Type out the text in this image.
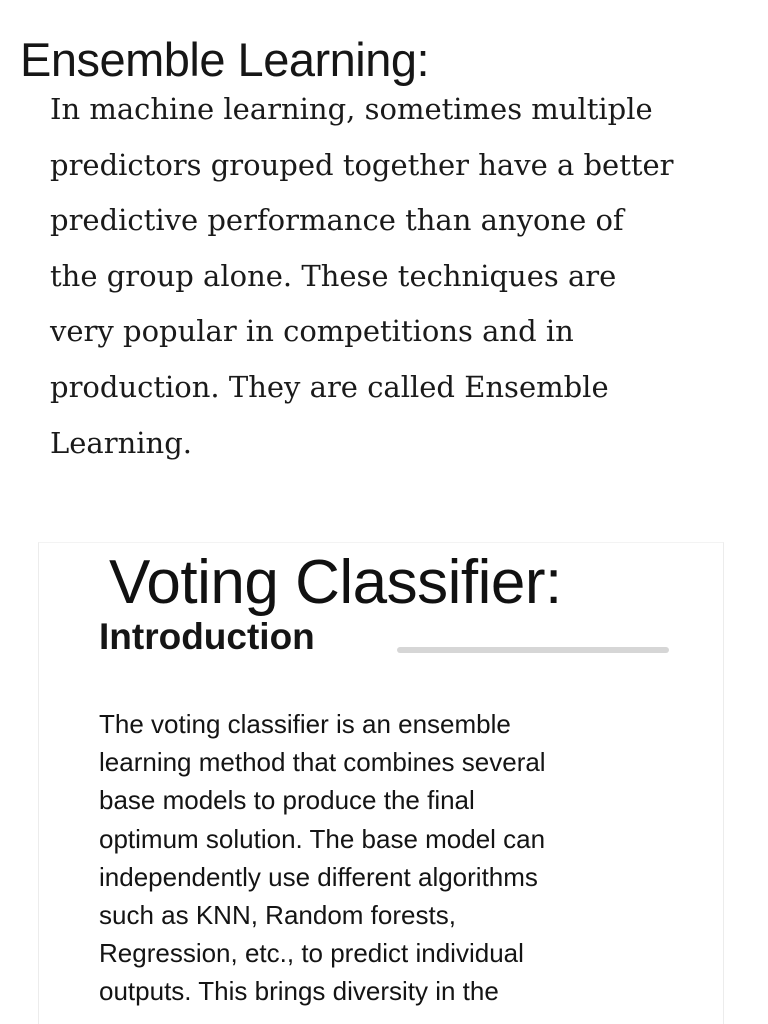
Ensemble Learning:

In machine learning, sometimes multiple
predictors grouped together have a better
predictive performance than anyone of
the group alone. These techniques are
very popular in competitions and in
production. They are called Ensemble
Learning.

Voting Classifier:
Introduction

The voting classifier is an ensemble
learning method that combines several
base models to produce the final
optimum solution. The base model can
independently use different algorithms
such as KNN, Random forests,
Regression, etc., to predict individual
outputs. This brings diversity in the
